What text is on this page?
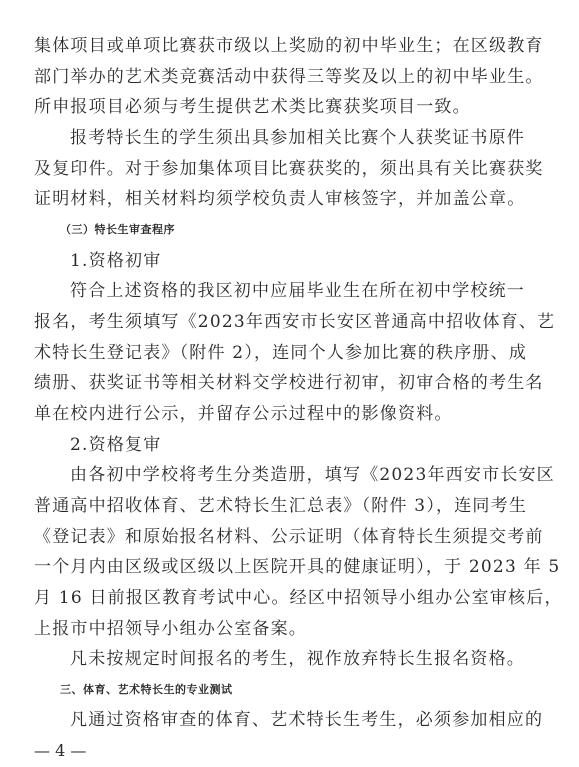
集体项目或单项比赛获市级以上奖励的初中毕业生；在区级教育
部门举办的艺术类竞赛活动中获得三等奖及以上的初中毕业生。
所申报项目必须与考生提供艺术类比赛获奖项目一致。
报考特长生的学生须出具参加相关比赛个人获奖证书原件
及复印件。对于参加集体项目比赛获奖的，须出具有关比赛获奖
证明材料，相关材料均须学校负责人审核签字，并加盖公章。
（三）特长生审查程序
1.资格初审
符合上述资格的我区初中应届毕业生在所在初中学校统一
报名，考生须填写《2023年西安市长安区普通高中招收体育、艺
术特长生登记表》（附件 2），连同个人参加比赛的秩序册、成
绩册、获奖证书等相关材料交学校进行初审，初审合格的考生名
单在校内进行公示，并留存公示过程中的影像资料。
2.资格复审
由各初中学校将考生分类造册，填写《2023年西安市长安区
普通高中招收体育、艺术特长生汇总表》（附件 3），连同考生
《登记表》和原始报名材料、公示证明（体育特长生须提交考前
一个月内由区级或区级以上医院开具的健康证明），于 2023 年 5
月 16 日前报区教育考试中心。经区中招领导小组办公室审核后，
上报市中招领导小组办公室备案。
凡未按规定时间报名的考生，视作放弃特长生报名资格。
三、体育、艺术特长生的专业测试
凡通过资格审查的体育、艺术特长生考生，必须参加相应的
— 4 —
